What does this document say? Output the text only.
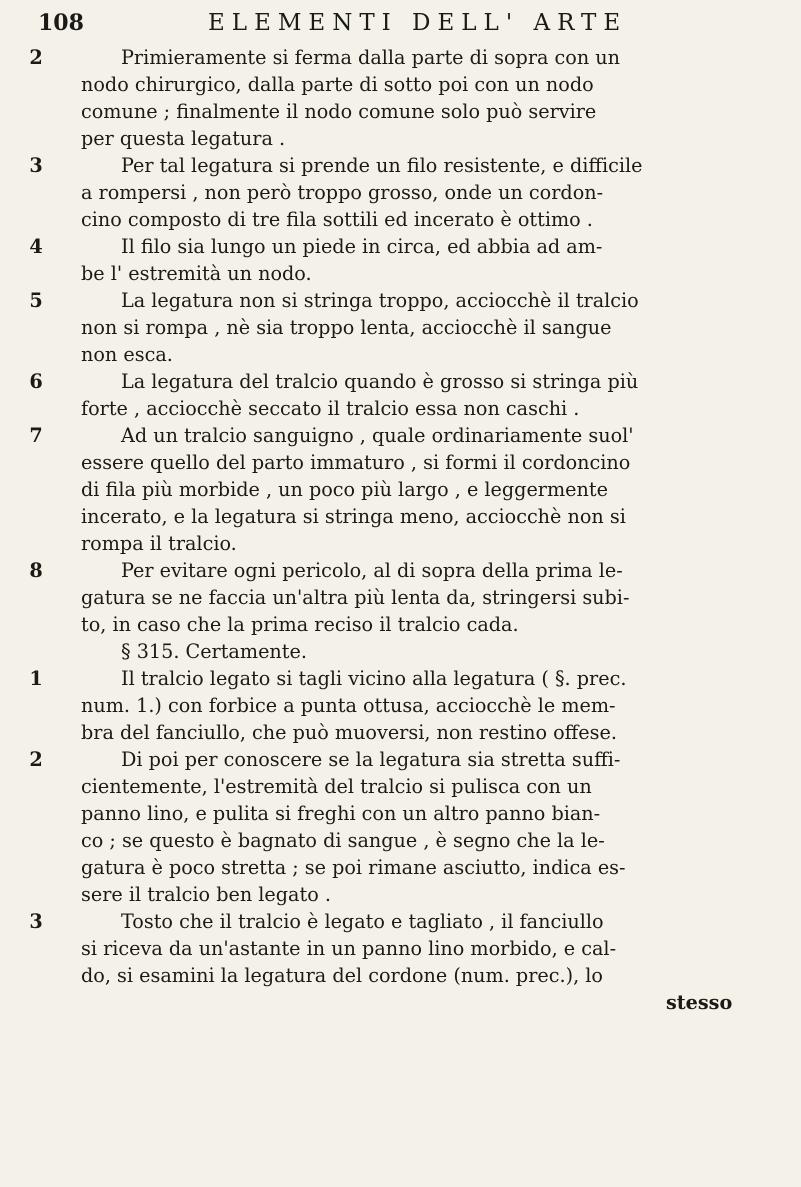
108	ELEMENTI DELL' ARTE
2	Primieramente si ferma dalla parte di sopra con un
nodo chirurgico, dalla parte di sotto poi con un nodo
comune ; finalmente il nodo comune solo può servire
per questa legatura .
3	Per tal legatura si prende un filo resistente, e difficile
a rompersi , non però troppo grosso, onde un cordon-
cino composto di tre fila sottili ed incerato è ottimo .
4	Il filo sia lungo un piede in circa, ed abbia ad am-
be l' estremità un nodo.
5	La legatura non si stringa troppo, acciocchè il tralcio
non si rompa , nè sia troppo lenta, acciocchè il sangue
non esca.
6	La legatura del tralcio quando è grosso si stringa più
forte , acciocchè seccato il tralcio essa non caschi .
7	Ad un tralcio sanguigno , quale ordinariamente suol'
essere quello del parto immaturo , si formi il cordoncino
di fila più morbide , un poco più largo , e leggermente
incerato, e la legatura si stringa meno, acciocchè non si
rompa il tralcio.
8	Per evitare ogni pericolo, al di sopra della prima le-
gatura se ne faccia un'altra più lenta da, stringersi subi-
to, in caso che la prima reciso il tralcio cada.
§ 315. Certamente.
1	Il tralcio legato si tagli vicino alla legatura ( §. prec.
num. 1.) con forbice a punta ottusa, acciocchè le mem-
bra del fanciullo, che può muoversi, non restino offese.
2	Di poi per conoscere se la legatura sia stretta suffi-
cientemente, l'estremità del tralcio si pulisca con un
panno lino, e pulita si freghi con un altro panno bian-
co ; se questo è bagnato di sangue , è segno che la le-
gatura è poco stretta ; se poi rimane asciutto, indica es-
sere il tralcio ben legato .
3	Tosto che il tralcio è legato e tagliato , il fanciullo
si riceva da un'astante in un panno lino morbido, e cal-
do, si esamini la legatura del cordone (num. prec.), lo
stesso
